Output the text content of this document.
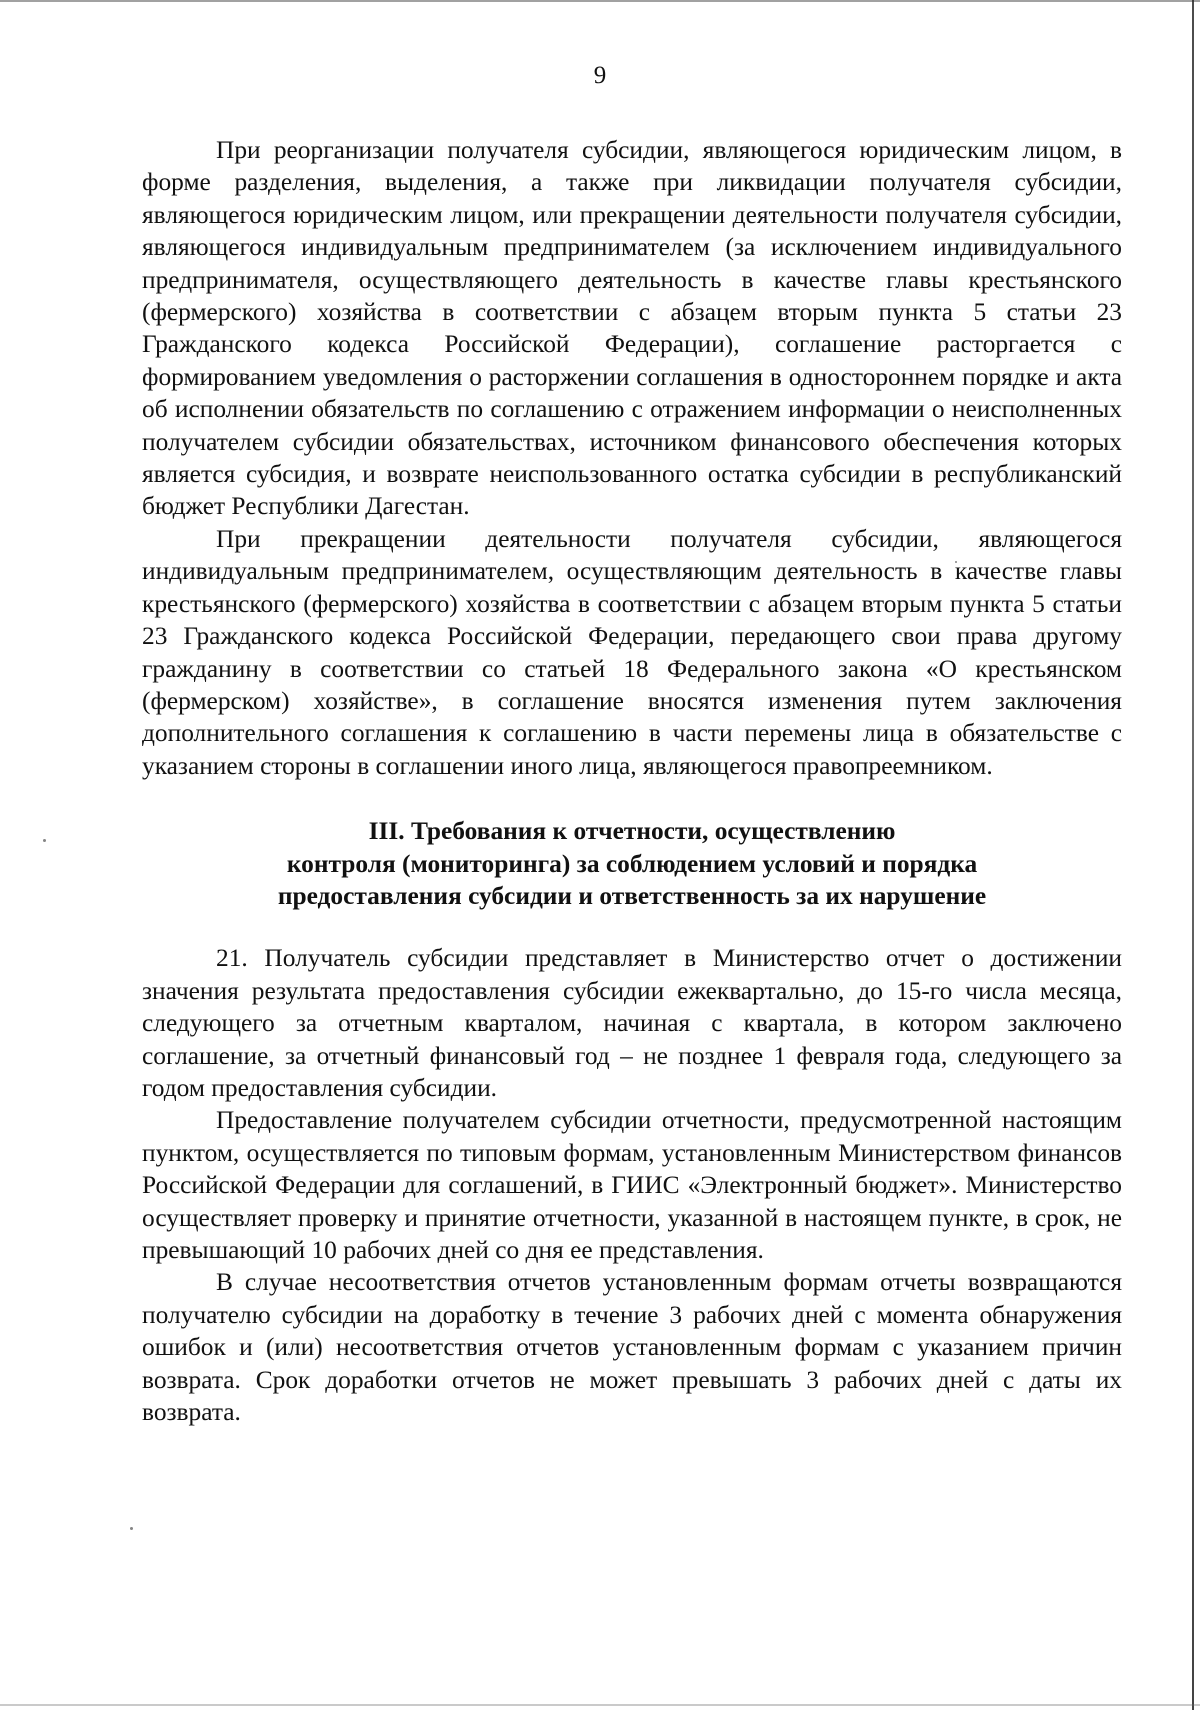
9

При реорганизации получателя субсидии, являющегося юридическим лицом, в форме разделения, выделения, а также при ликвидации получателя субсидии, являющегося юридическим лицом, или прекращении деятельности получателя субсидии, являющегося индивидуальным предпринимателем (за исключением индивидуального предпринимателя, осуществляющего деятельность в качестве главы крестьянского (фермерского) хозяйства в соответствии с абзацем вторым пункта 5 статьи 23 Гражданского кодекса Российской Федерации), соглашение расторгается с формированием уведомления о расторжении соглашения в одностороннем порядке и акта об исполнении обязательств по соглашению с отражением информации о неисполненных получателем субсидии обязательствах, источником финансового обеспечения которых является субсидия, и возврате неиспользованного остатка субсидии в республиканский бюджет Республики Дагестан.

При прекращении деятельности получателя субсидии, являющегося индивидуальным предпринимателем, осуществляющим деятельность в качестве главы крестьянского (фермерского) хозяйства в соответствии с абзацем вторым пункта 5 статьи 23 Гражданского кодекса Российской Федерации, передающего свои права другому гражданину в соответствии со статьей 18 Федерального закона «О крестьянском (фермерском) хозяйстве», в соглашение вносятся изменения путем заключения дополнительного соглашения к соглашению в части перемены лица в обязательстве с указанием стороны в соглашении иного лица, являющегося правопреемником.

III. Требования к отчетности, осуществлению

контроля (мониторинга) за соблюдением условий и порядка

предоставления субсидии и ответственность за их нарушение

21. Получатель субсидии представляет в Министерство отчет о достижении значения результата предоставления субсидии ежеквартально, до 15-го числа месяца, следующего за отчетным кварталом, начиная с квартала, в котором заключено соглашение, за отчетный финансовый год – не позднее 1 февраля года, следующего за годом предоставления субсидии.

Предоставление получателем субсидии отчетности, предусмотренной настоящим пунктом, осуществляется по типовым формам, установленным Министерством финансов Российской Федерации для соглашений, в ГИИС «Электронный бюджет». Министерство осуществляет проверку и принятие отчетности, указанной в настоящем пункте, в срок, не превышающий 10 рабочих дней со дня ее представления.

В случае несоответствия отчетов установленным формам отчеты возвращаются получателю субсидии на доработку в течение 3 рабочих дней с момента обнаружения ошибок и (или) несоответствия отчетов установленным формам с указанием причин возврата. Срок доработки отчетов не может превышать 3 рабочих дней с даты их возврата.
